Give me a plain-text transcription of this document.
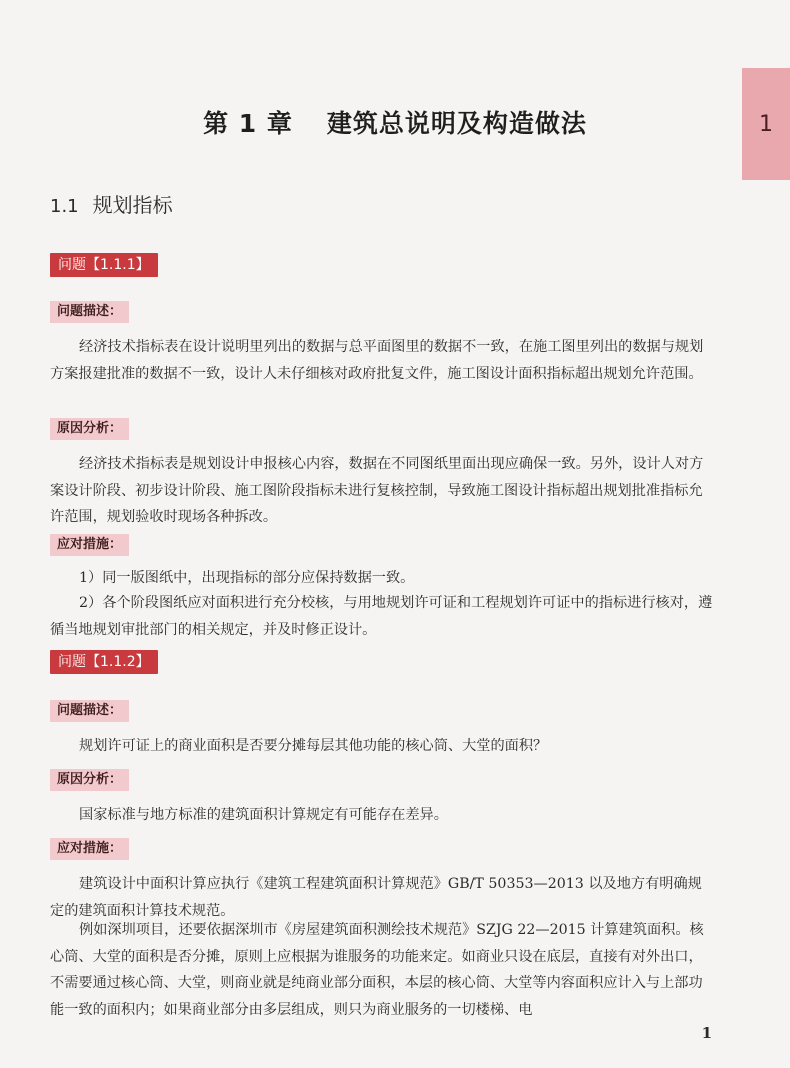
1
第 1 章 建筑总说明及构造做法
1.1 规划指标
问题【1.1.1】
问题描述：
经济技术指标表在设计说明里列出的数据与总平面图里的数据不一致，在施工图里列出的数据与规划方案报建批准的数据不一致，设计人未仔细核对政府批复文件，施工图设计面积指标超出规划允许范围。
原因分析：
经济技术指标表是规划设计申报核心内容，数据在不同图纸里面出现应确保一致。另外，设计人对方案设计阶段、初步设计阶段、施工图阶段指标未进行复核控制，导致施工图设计指标超出规划批准指标允许范围，规划验收时现场各种拆改。
应对措施：
1）同一版图纸中，出现指标的部分应保持数据一致。
2）各个阶段图纸应对面积进行充分校核，与用地规划许可证和工程规划许可证中的指标进行核对，遵循当地规划审批部门的相关规定，并及时修正设计。
问题【1.1.2】
问题描述：
规划许可证上的商业面积是否要分摊每层其他功能的核心筒、大堂的面积？
原因分析：
国家标准与地方标准的建筑面积计算规定有可能存在差异。
应对措施：
建筑设计中面积计算应执行《建筑工程建筑面积计算规范》GB/T 50353—2013 以及地方有明确规定的建筑面积计算技术规范。
例如深圳项目，还要依据深圳市《房屋建筑面积测绘技术规范》SZJG 22—2015 计算建筑面积。核心筒、大堂的面积是否分摊，原则上应根据为谁服务的功能来定。如商业只设在底层，直接有对外出口，不需要通过核心筒、大堂，则商业就是纯商业部分面积，本层的核心筒、大堂等内容面积应计入与上部功能一致的面积内；如果商业部分由多层组成，则只为商业服务的一切楼梯、电
1
